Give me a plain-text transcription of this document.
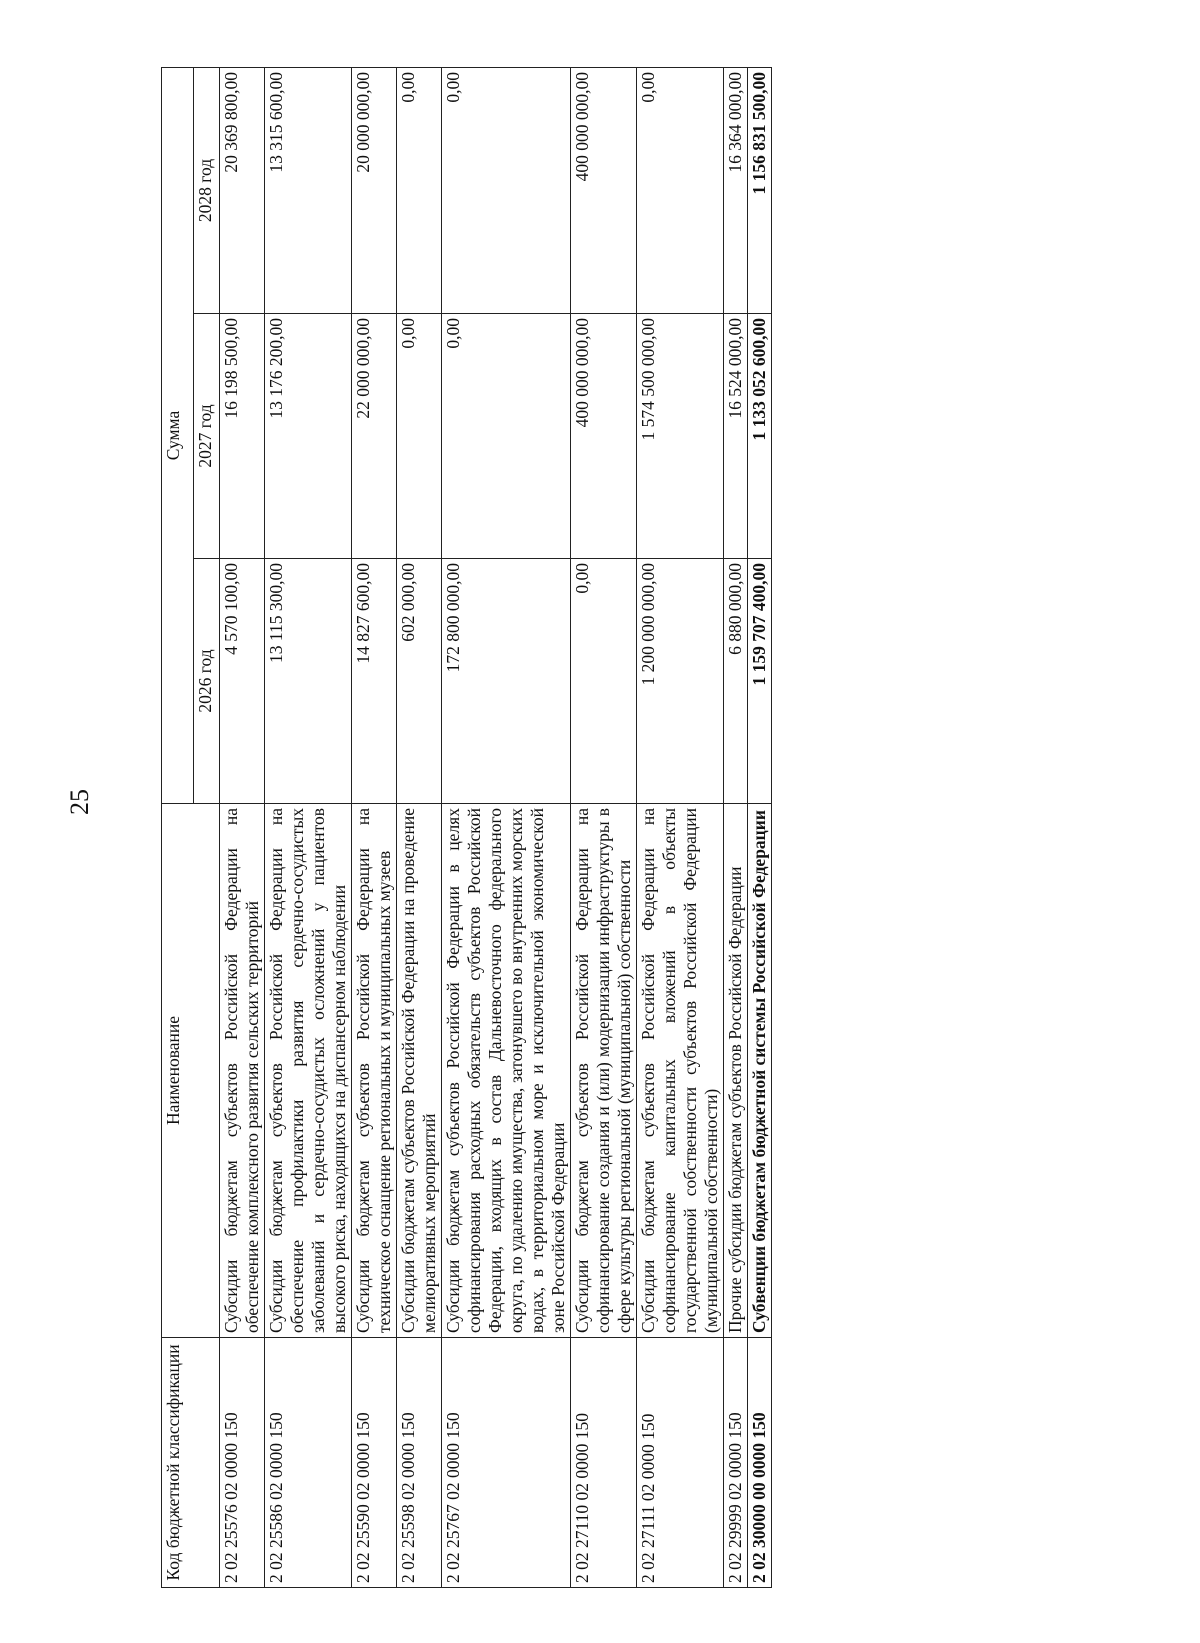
25
Код бюджетной классификации	Наименование	Сумма		
		2026 год	2027 год	2028 год
2 02 25576 02 0000 150	Субсидии бюджетам субъектов Российской Федерации на обеспечение комплексного развития сельских территорий	4 570 100,00	16 198 500,00	20 369 800,00
2 02 25586 02 0000 150	Субсидии бюджетам субъектов Российской Федерации на обеспечение профилактики развития сердечно-сосудистых заболеваний и сердечно-сосудистых осложнений у пациентов высокого риска, находящихся на диспансерном наблюдении	13 115 300,00	13 176 200,00	13 315 600,00
2 02 25590 02 0000 150	Субсидии бюджетам субъектов Российской Федерации на техническое оснащение региональных и муниципальных музеев	14 827 600,00	22 000 000,00	20 000 000,00
2 02 25598 02 0000 150	Субсидии бюджетам субъектов Российской Федерации на проведение мелиоративных мероприятий	602 000,00	0,00	0,00
2 02 25767 02 0000 150	Субсидии бюджетам субъектов Российской Федерации в целях софинансирования расходных обязательств субъектов Российской Федерации, входящих в состав Дальневосточного федерального округа, по удалению имущества, затонувшего во внутренних морских водах, в территориальном море и исключительной экономической зоне Российской Федерации	172 800 000,00	0,00	0,00
2 02 27110 02 0000 150	Субсидии бюджетам субъектов Российской Федерации на софинансирование создания и (или) модернизации инфраструктуры в сфере культуры региональной (муниципальной) собственности	0,00	400 000 000,00	400 000 000,00
2 02 27111 02 0000 150	Субсидии бюджетам субъектов Российской Федерации на софинансирование капитальных вложений в объекты государственной собственности субъектов Российской Федерации (муниципальной собственности)	1 200 000 000,00	1 574 500 000,00	0,00
2 02 29999 02 0000 150	Прочие субсидии бюджетам субъектов Российской Федерации	6 880 000,00	16 524 000,00	16 364 000,00
2 02 30000 00 0000 150	Субвенции бюджетам бюджетной системы Российской Федерации	1 159 707 400,00	1 133 052 600,00	1 156 831 500,00
